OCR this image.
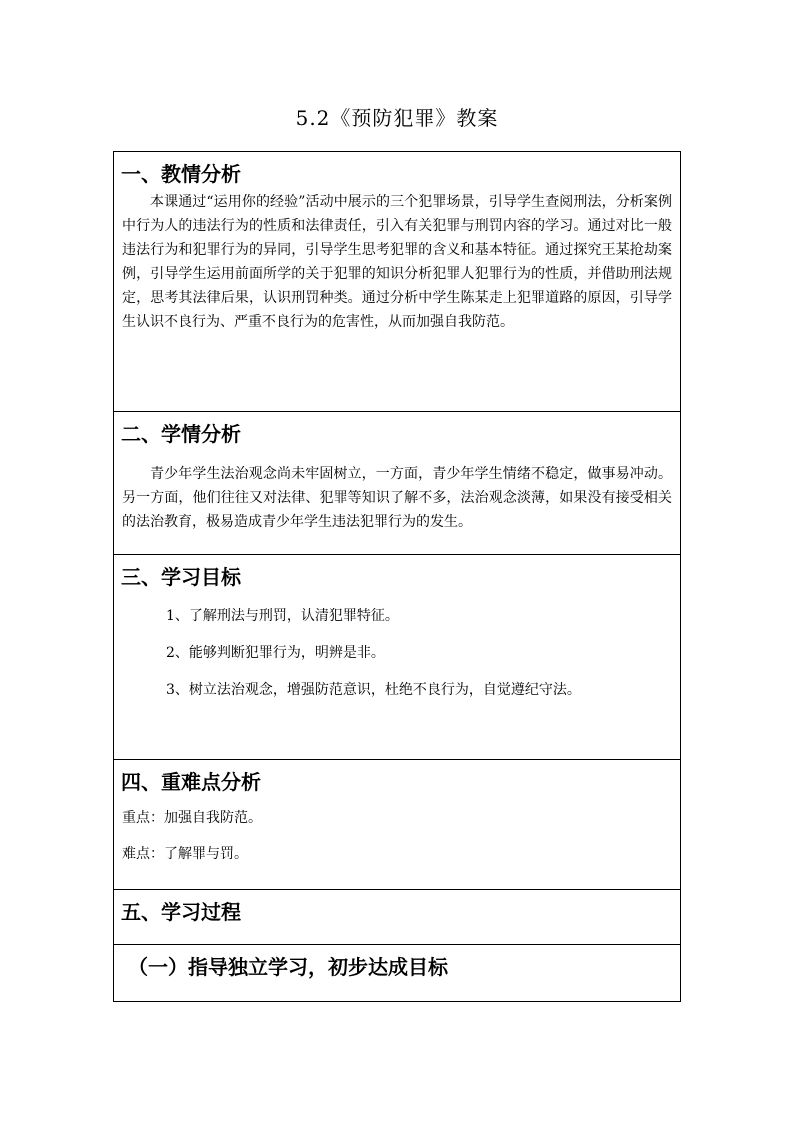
5.2《预防犯罪》教案
一、教情分析

本课通过“运用你的经验”活动中展示的三个犯罪场景，引导学生查阅刑法，分析案例中行为人的违法行为的性质和法律责任，引入有关犯罪与刑罚内容的学习。通过对比一般违法行为和犯罪行为的异同，引导学生思考犯罪的含义和基本特征。通过探究王某抢劫案例，引导学生运用前面所学的关于犯罪的知识分析犯罪人犯罪行为的性质，并借助刑法规定，思考其法律后果，认识刑罚种类。通过分析中学生陈某走上犯罪道路的原因，引导学生认识不良行为、严重不良行为的危害性，从而加强自我防范。

二、学情分析

青少年学生法治观念尚未牢固树立，一方面，青少年学生情绪不稳定，做事易冲动。另一方面，他们往往又对法律、犯罪等知识了解不多，法治观念淡薄，如果没有接受相关的法治教育，极易造成青少年学生违法犯罪行为的发生。

三、学习目标
1、了解刑法与刑罚，认清犯罪特征。
2、能够判断犯罪行为，明辨是非。
3、树立法治观念，增强防范意识，杜绝不良行为，自觉遵纪守法。

四、重难点分析
重点：加强自我防范。
难点：了解罪与罚。

五、学习过程

（一）指导独立学习，初步达成目标
